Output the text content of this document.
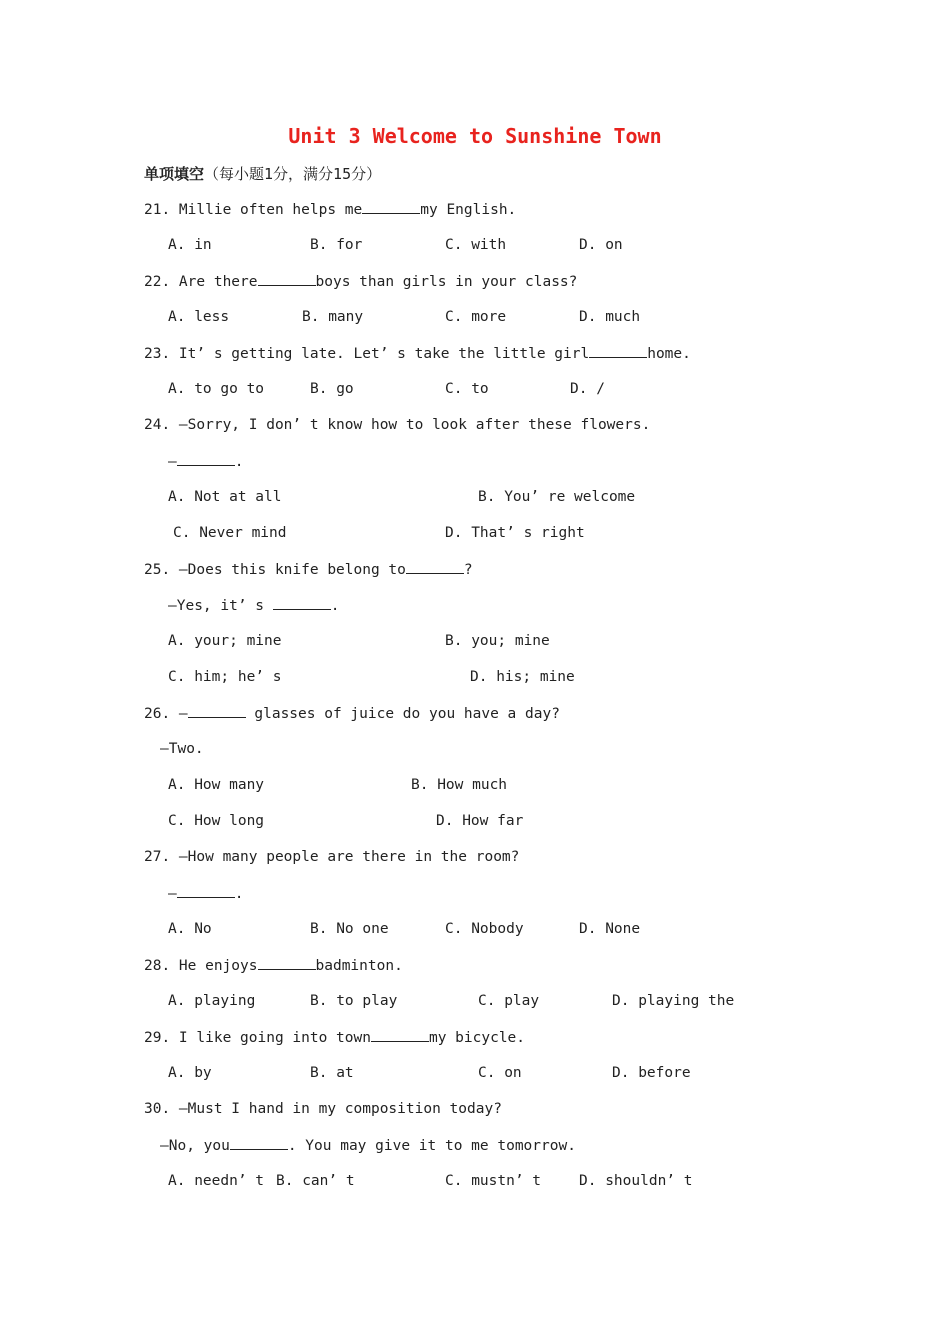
Unit 3 Welcome to Sunshine Town
单项填空（每小题1分，满分15分）
21. Millie often helps me	my English.
A. in	B. for	C. with	D. on
22. Are there	boys than girls in your class?
A. less	B. many	C. more	D. much
23. It’ s getting late. Let’ s take the little girl	home.
A. to go to	B. go	C. to	D. /
24. —Sorry, I don’ t know how to look after these flowers.
—	.
A. Not at all	B. You’ re welcome
C. Never mind	D. That’ s right
25. —Does this knife belong to	?
—Yes, it’ s	.
A. your; mine	B. you; mine
C. him; he’ s	D. his; mine
26. —	glasses of juice do you have a day?
—Two.
A. How many	B. How much
C. How long	D. How far
27. —How many people are there in the room?
—	.
A. No	B. No one	C. Nobody	D. None
28. He enjoys	badminton.
A. playing	B. to play	C. play	D. playing the
29. I like going into town	my bicycle.
A. by	B. at	C. on	D. before
30. —Must I hand in my composition today?
—No, you	. You may give it to me tomorrow.
A. needn’ t B. can’ t	C. mustn’ t	D. shouldn’ t
